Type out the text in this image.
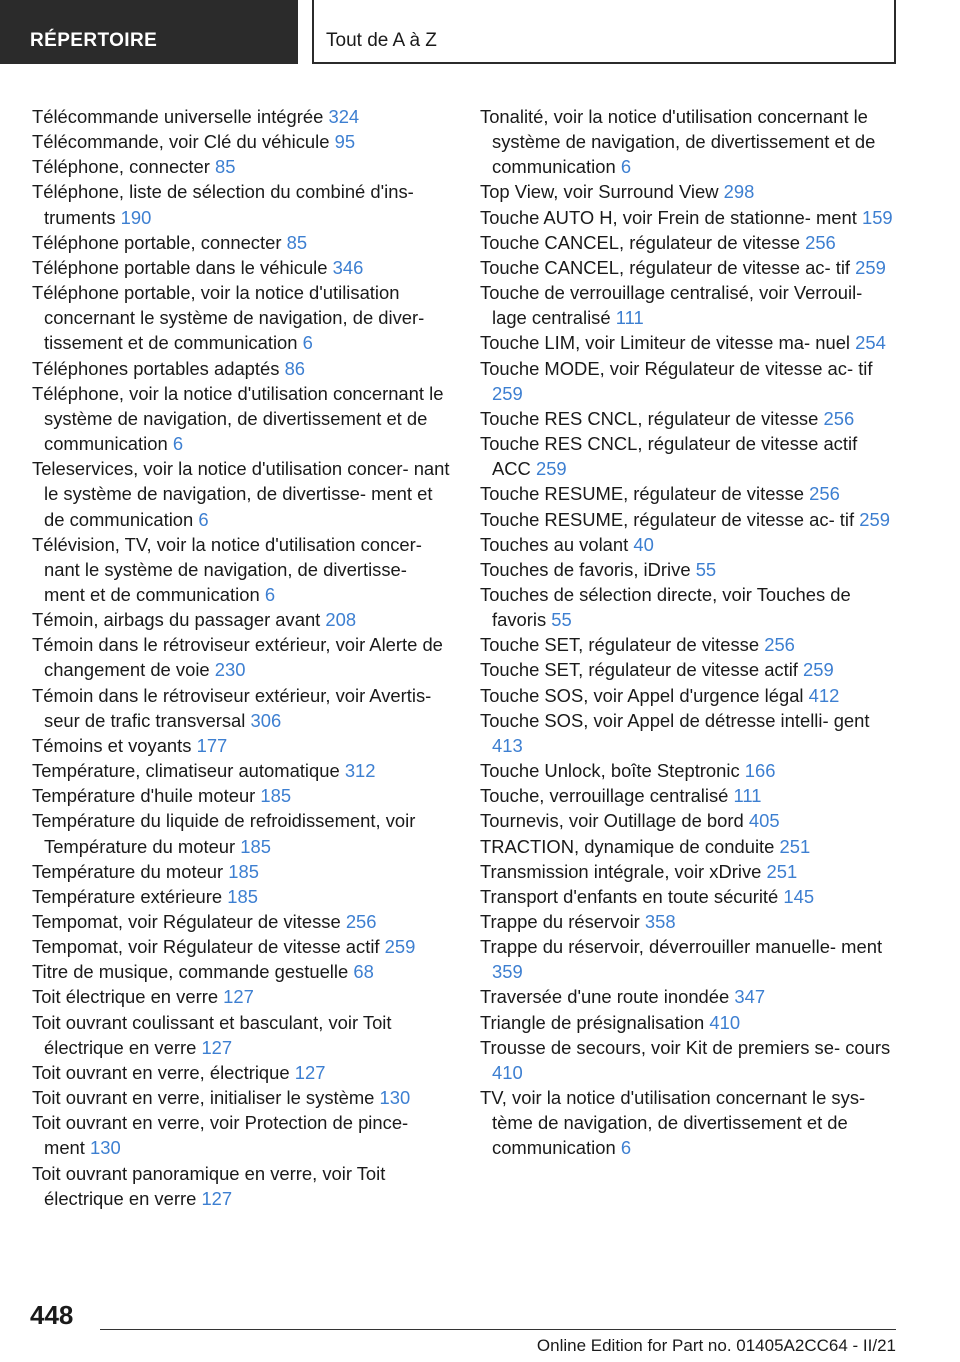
RÉPERTOIRE	Tout de A à Z
Télécommande universelle intégrée 324
Télécommande, voir Clé du véhicule 95
Téléphone, connecter 85
Téléphone, liste de sélection du combiné d'ins‐ truments 190
Téléphone portable, connecter 85
Téléphone portable dans le véhicule 346
Téléphone portable, voir la notice d'utilisation concernant le système de navigation, de diver‐ tissement et de communication 6
Téléphones portables adaptés 86
Téléphone, voir la notice d'utilisation concernant le système de navigation, de divertissement et de communication 6
Teleservices, voir la notice d'utilisation concer‐ nant le système de navigation, de divertisse‐ ment et de communication 6
Télévision, TV, voir la notice d'utilisation concer‐ nant le système de navigation, de divertisse‐ ment et de communication 6
Témoin, airbags du passager avant 208
Témoin dans le rétroviseur extérieur, voir Alerte de changement de voie 230
Témoin dans le rétroviseur extérieur, voir Avertis‐ seur de trafic transversal 306
Témoins et voyants 177
Température, climatiseur automatique 312
Température d'huile moteur 185
Température du liquide de refroidissement, voir Température du moteur 185
Température du moteur 185
Température extérieure 185
Tempomat, voir Régulateur de vitesse 256
Tempomat, voir Régulateur de vitesse actif 259
Titre de musique, commande gestuelle 68
Toit électrique en verre 127
Toit ouvrant coulissant et basculant, voir Toit électrique en verre 127
Toit ouvrant en verre, électrique 127
Toit ouvrant en verre, initialiser le système 130
Toit ouvrant en verre, voir Protection de pince‐ ment 130
Toit ouvrant panoramique en verre, voir Toit électrique en verre 127
Tonalité, voir la notice d'utilisation concernant le système de navigation, de divertissement et de communication 6
Top View, voir Surround View 298
Touche AUTO H, voir Frein de stationne‐ ment 159
Touche CANCEL, régulateur de vitesse 256
Touche CANCEL, régulateur de vitesse ac‐ tif 259
Touche de verrouillage centralisé, voir Verrouil‐ lage centralisé 111
Touche LIM, voir Limiteur de vitesse ma‐ nuel 254
Touche MODE, voir Régulateur de vitesse ac‐ tif 259
Touche RES CNCL, régulateur de vitesse 256
Touche RES CNCL, régulateur de vitesse actif ACC 259
Touche RESUME, régulateur de vitesse 256
Touche RESUME, régulateur de vitesse ac‐ tif 259
Touches au volant 40
Touches de favoris, iDrive 55
Touches de sélection directe, voir Touches de favoris 55
Touche SET, régulateur de vitesse 256
Touche SET, régulateur de vitesse actif 259
Touche SOS, voir Appel d'urgence légal 412
Touche SOS, voir Appel de détresse intelli‐ gent 413
Touche Unlock, boîte Steptronic 166
Touche, verrouillage centralisé 111
Tournevis, voir Outillage de bord 405
TRACTION, dynamique de conduite 251
Transmission intégrale, voir xDrive 251
Transport d'enfants en toute sécurité 145
Trappe du réservoir 358
Trappe du réservoir, déverrouiller manuelle‐ ment 359
Traversée d'une route inondée 347
Triangle de présignalisation 410
Trousse de secours, voir Kit de premiers se‐ cours 410
TV, voir la notice d'utilisation concernant le sys‐ tème de navigation, de divertissement et de communication 6
448
Online Edition for Part no. 01405A2CC64 - II/21
